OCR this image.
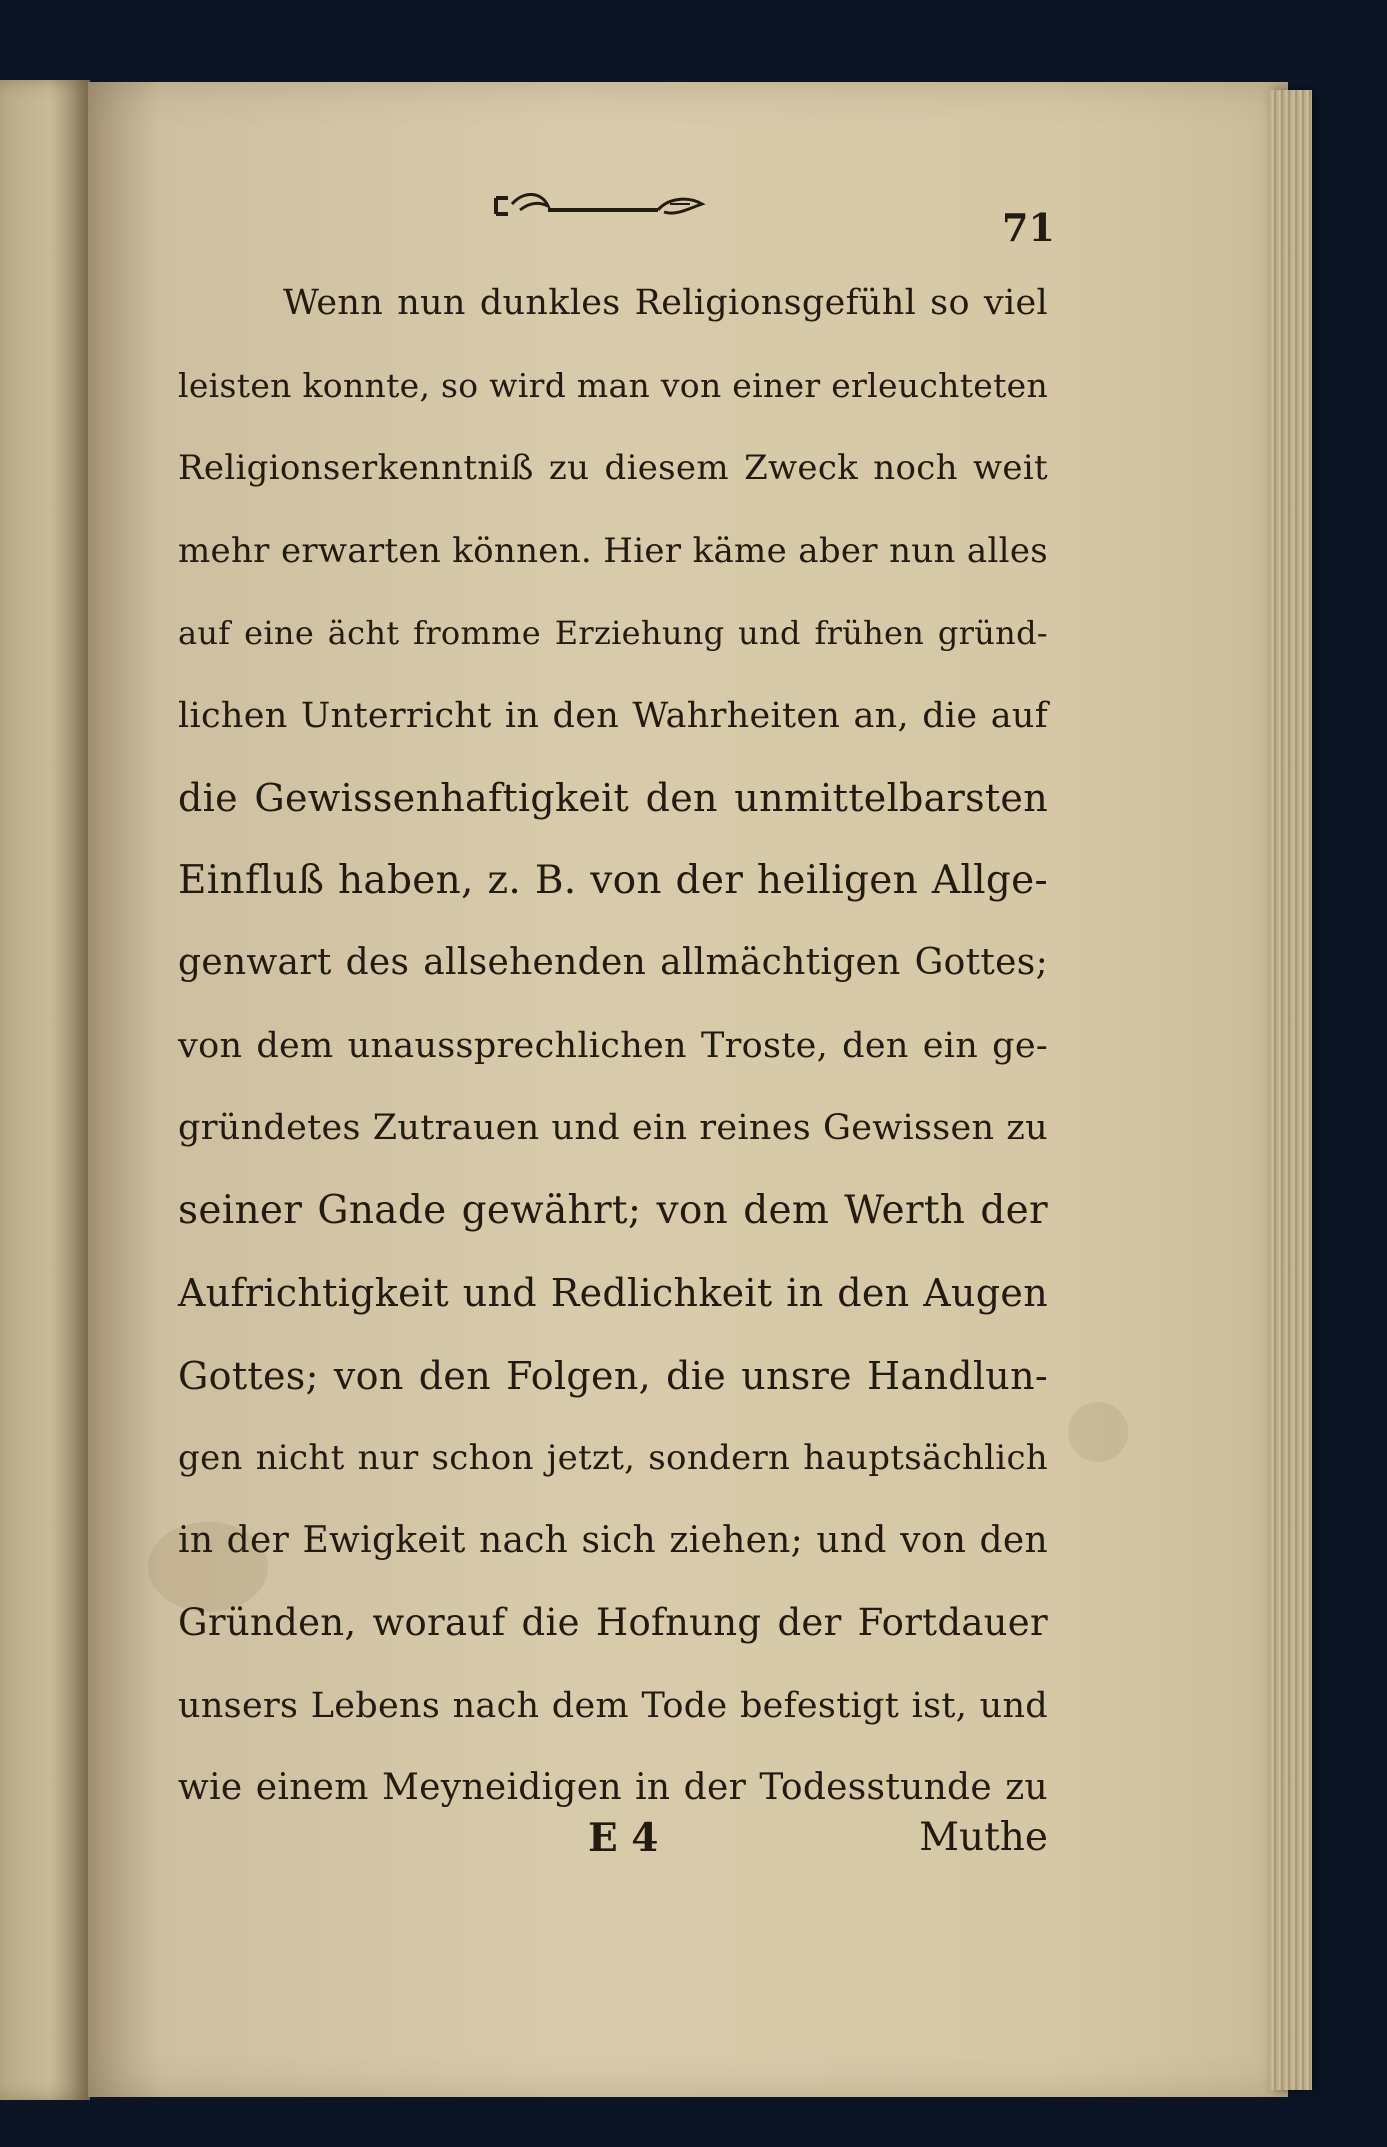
71
Wenn nun dunkles Religionsgefühl so viel
leisten konnte, so wird man von einer erleuchteten
Religionserkenntniß zu diesem Zweck noch weit
mehr erwarten können. Hier käme aber nun alles
auf eine ächt fromme Erziehung und frühen gründ-
lichen Unterricht in den Wahrheiten an, die auf
die Gewissenhaftigkeit den unmittelbarsten
Einfluß haben, z. B. von der heiligen Allge-
genwart des allsehenden allmächtigen Gottes;
von dem unaussprechlichen Troste, den ein ge-
gründetes Zutrauen und ein reines Gewissen zu
seiner Gnade gewährt; von dem Werth der
Aufrichtigkeit und Redlichkeit in den Augen
Gottes; von den Folgen, die unsre Handlun-
gen nicht nur schon jetzt, sondern hauptsächlich
in der Ewigkeit nach sich ziehen; und von den
Gründen, worauf die Hofnung der Fortdauer
unsers Lebens nach dem Tode befestigt ist, und
wie einem Meyneidigen in der Todesstunde zu
E 4	Muthe
